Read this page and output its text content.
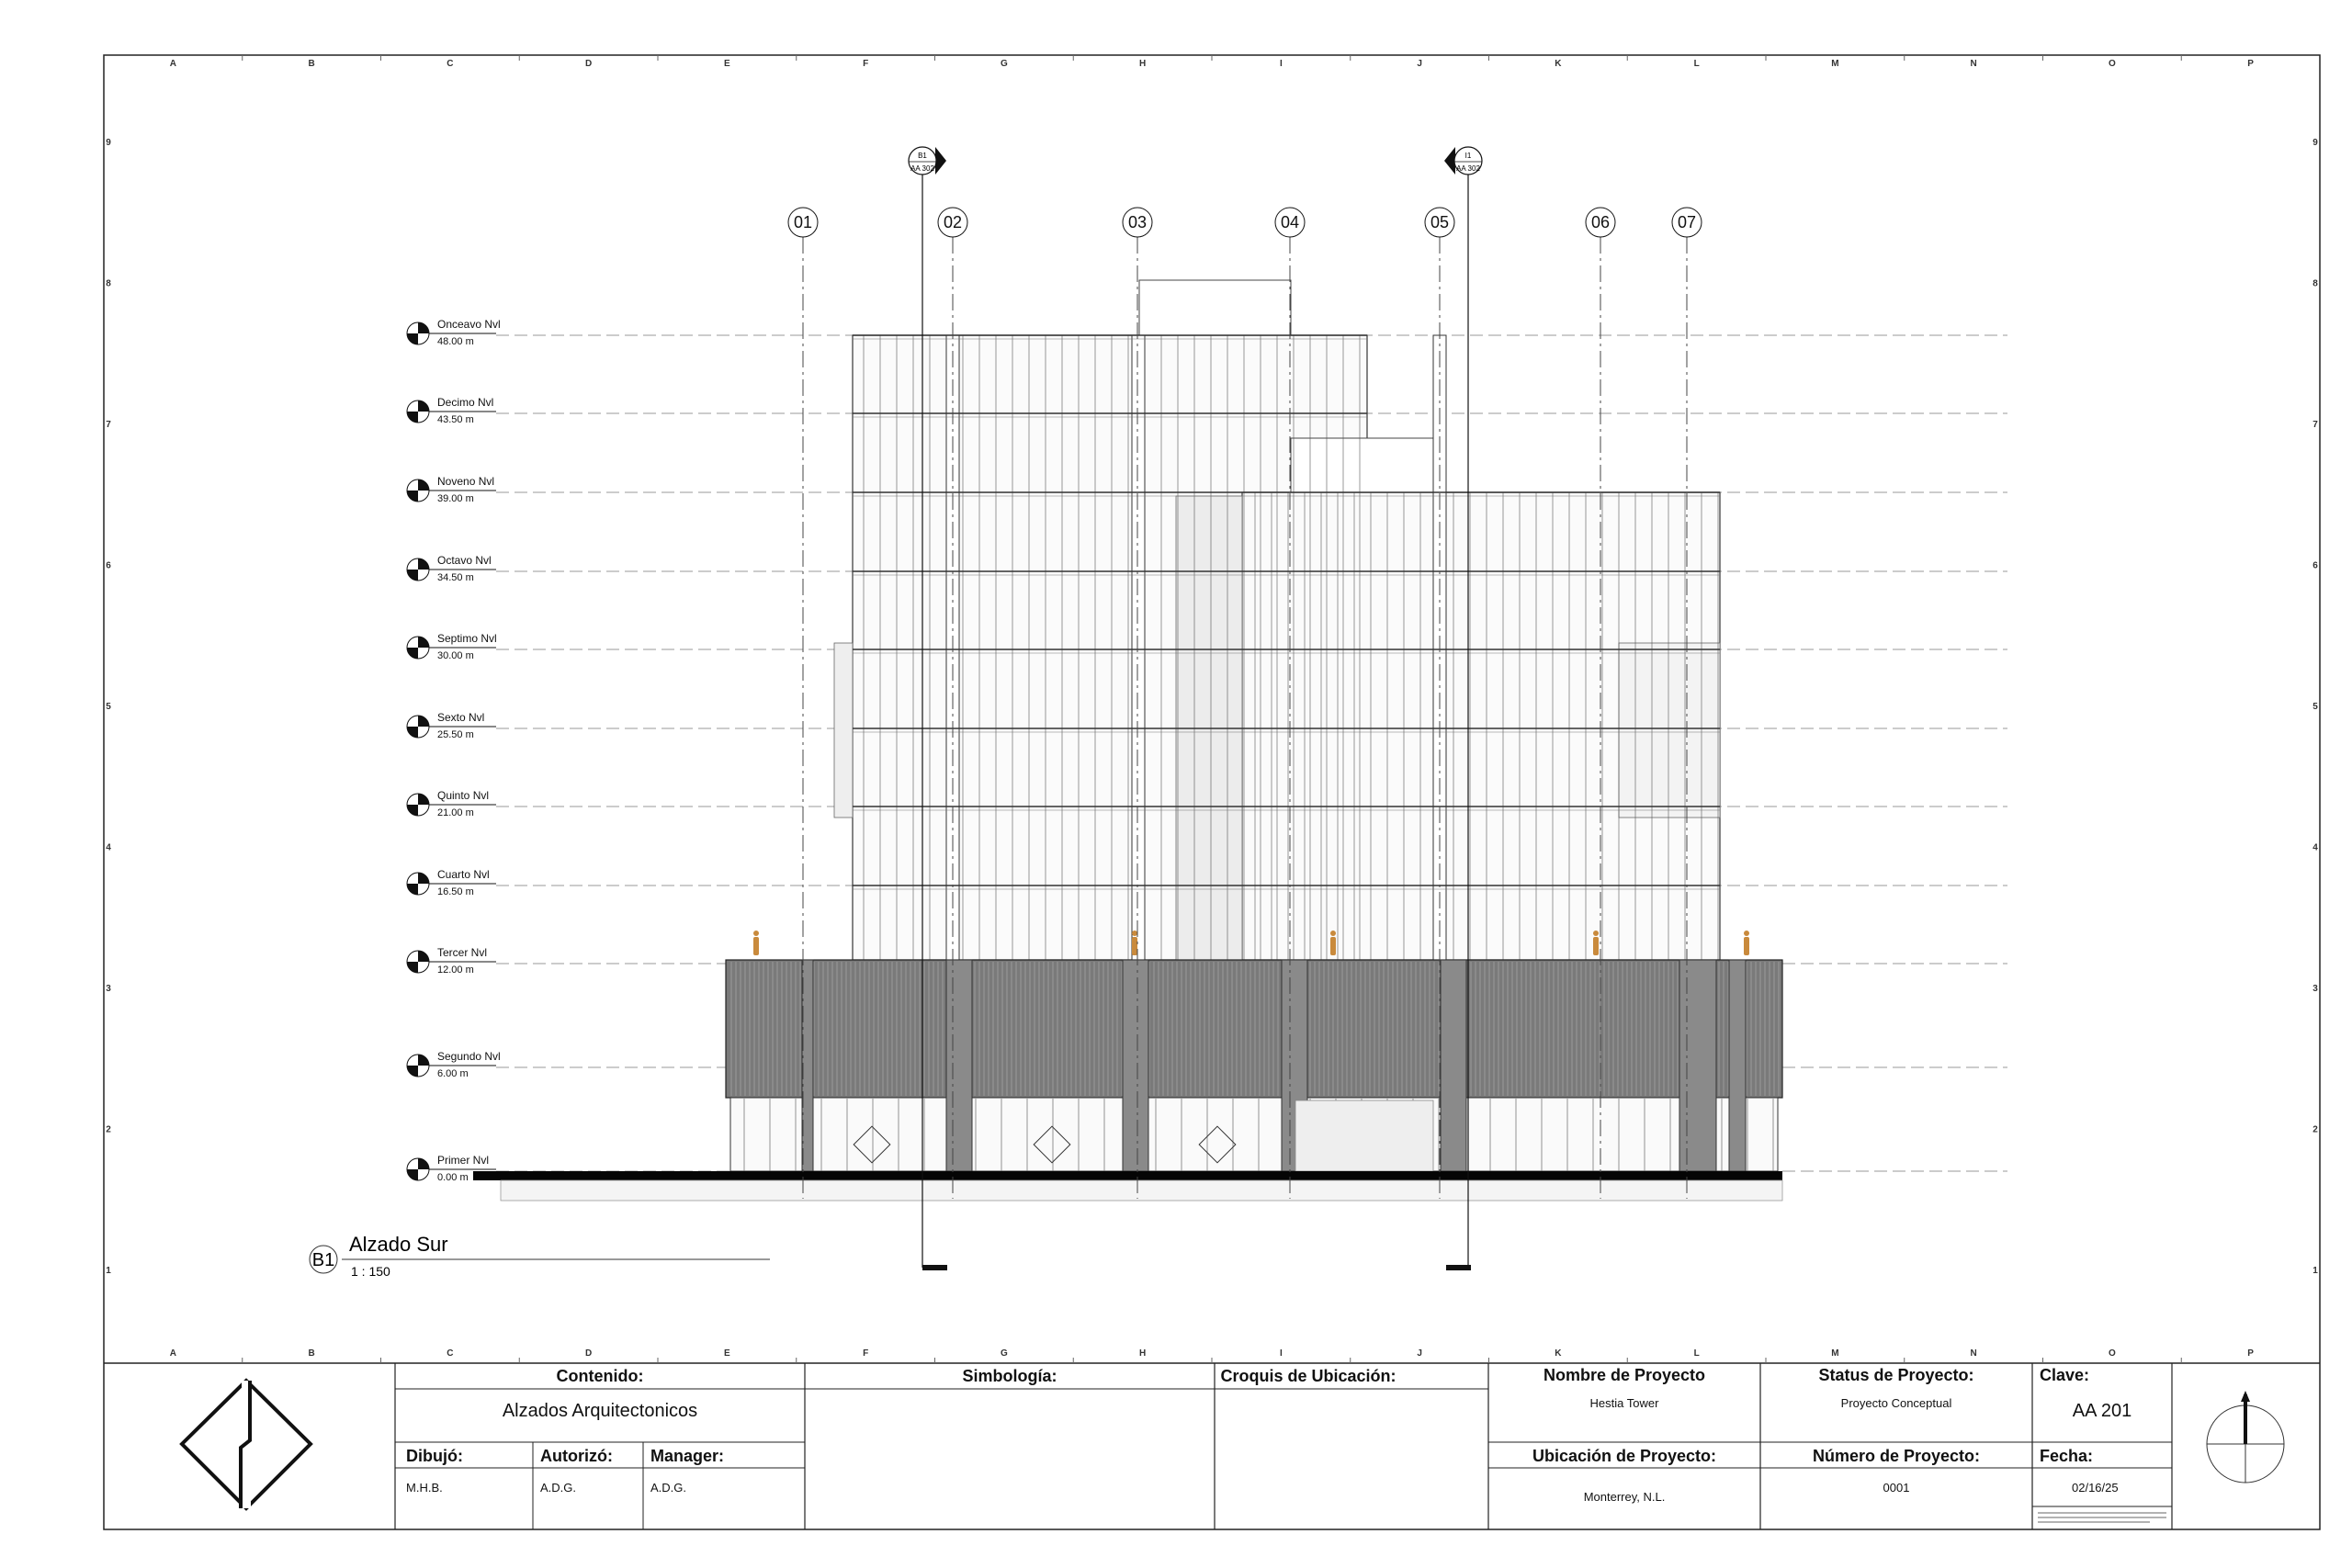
A
A
B
B
C
C
D
D
E
E
F
F
G
G
H
H
I
I
J
J
K
K
L
L
M
M
N
N
O
O
P
P
9	9
8	8
7	7
6	6
5	5
4	4
3	3
2	2
1	1
01	02	03	04	05	06	07
B1
AA 302
I1
AA 302
Onceavo Nvl
48.00 m
Decimo Nvl
43.50 m
Noveno Nvl
39.00 m
Octavo Nvl
34.50 m
Septimo Nvl
30.00 m
Sexto Nvl
25.50 m
Quinto Nvl
21.00 m
Cuarto Nvl
16.50 m
Tercer Nvl
12.00 m
Segundo Nvl
6.00 m
Primer Nvl
0.00 m
B1
Alzado Sur
1 : 150
Contenido:
Alzados Arquitectonicos
Dibujó:
M.H.B.
Autorizó:
A.D.G.
Manager:
A.D.G.
Simbología:	Croquis de Ubicación:	Nombre de Proyecto
Hestia Tower
Ubicación de Proyecto:
Monterrey, N.L.
Status de Proyecto:
Proyecto Conceptual
Número de Proyecto:
0001
Clave:
AA 201
Fecha:
02/16/25
